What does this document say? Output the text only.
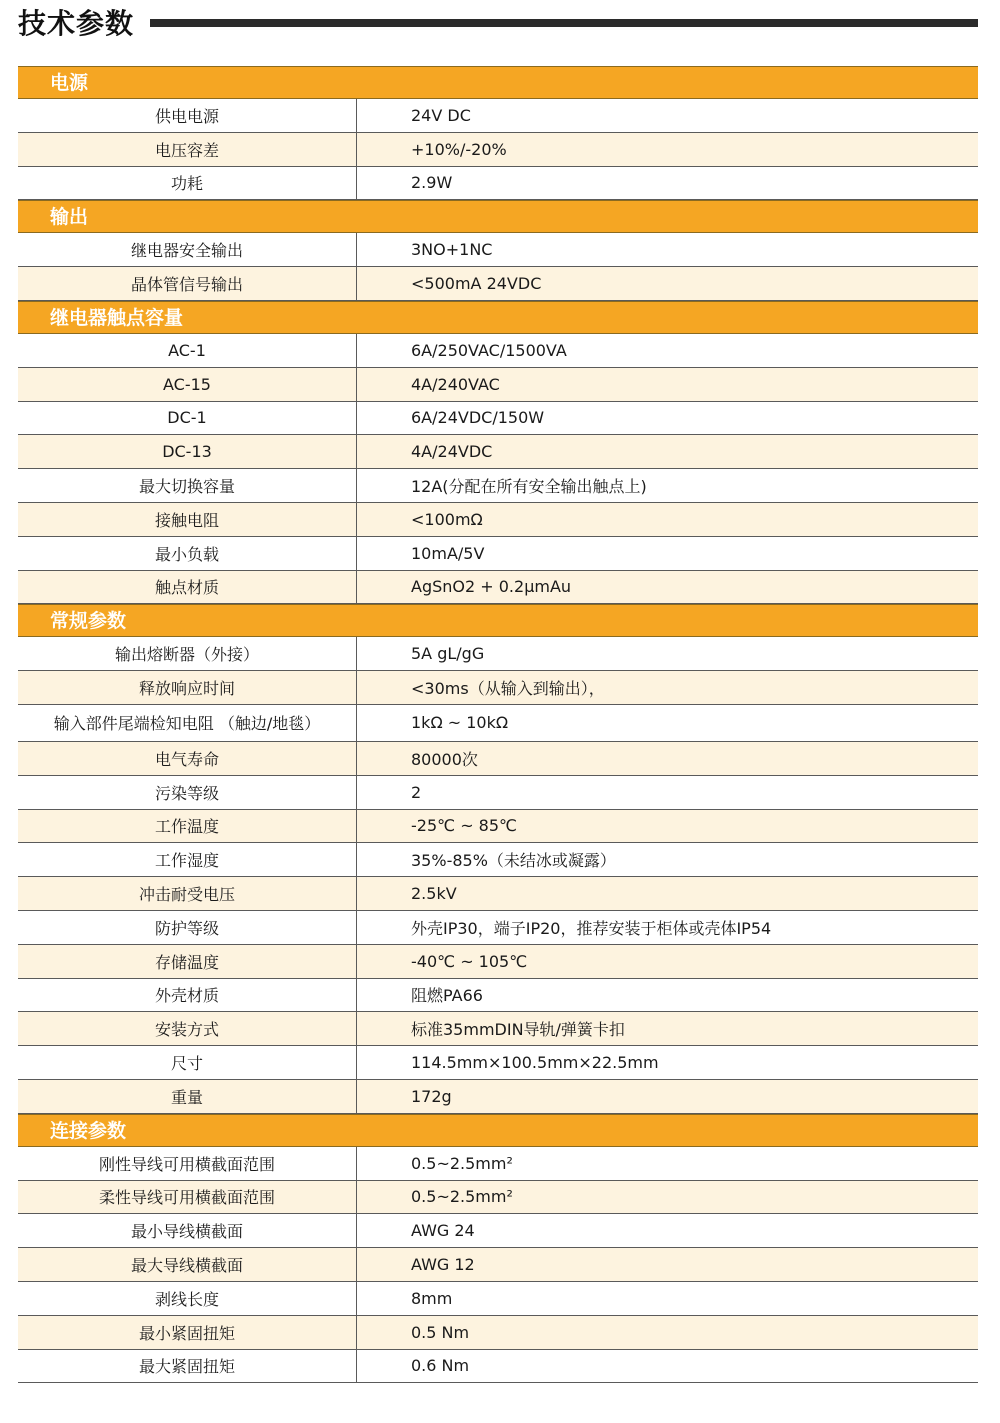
技术参数
电源
供电电源	24V DC
电压容差	+10%/-20%
功耗	2.9W
输出
继电器安全输出	3NO+1NC
晶体管信号输出	<500mA 24VDC
继电器触点容量
AC-1	6A/250VAC/1500VA
AC-15	4A/240VAC
DC-1	6A/24VDC/150W
DC-13	4A/24VDC
最大切换容量	12A(分配在所有安全输出触点上)
接触电阻	<100mΩ
最小负载	10mA/5V
触点材质	AgSnO2 + 0.2μmAu
常规参数
输出熔断器（外接）	5A gL/gG
释放响应时间	<30ms（从输入到输出），
输入部件尾端检知电阻 （触边/地毯）	1kΩ ~ 10kΩ
电气寿命	80000次
污染等级	2
工作温度	-25℃ ~ 85℃
工作湿度	35%-85%（未结冰或凝露）
冲击耐受电压	2.5kV
防护等级	外壳IP30，端子IP20，推荐安装于柜体或壳体IP54
存储温度	-40℃ ~ 105℃
外壳材质	阻燃PA66
安装方式	标准35mmDIN导轨/弹簧卡扣
尺寸	114.5mm×100.5mm×22.5mm
重量	172g
连接参数
刚性导线可用横截面范围	0.5~2.5mm²
柔性导线可用横截面范围	0.5~2.5mm²
最小导线横截面	AWG 24
最大导线横截面	AWG 12
剥线长度	8mm
最小紧固扭矩	0.5 Nm
最大紧固扭矩	0.6 Nm
